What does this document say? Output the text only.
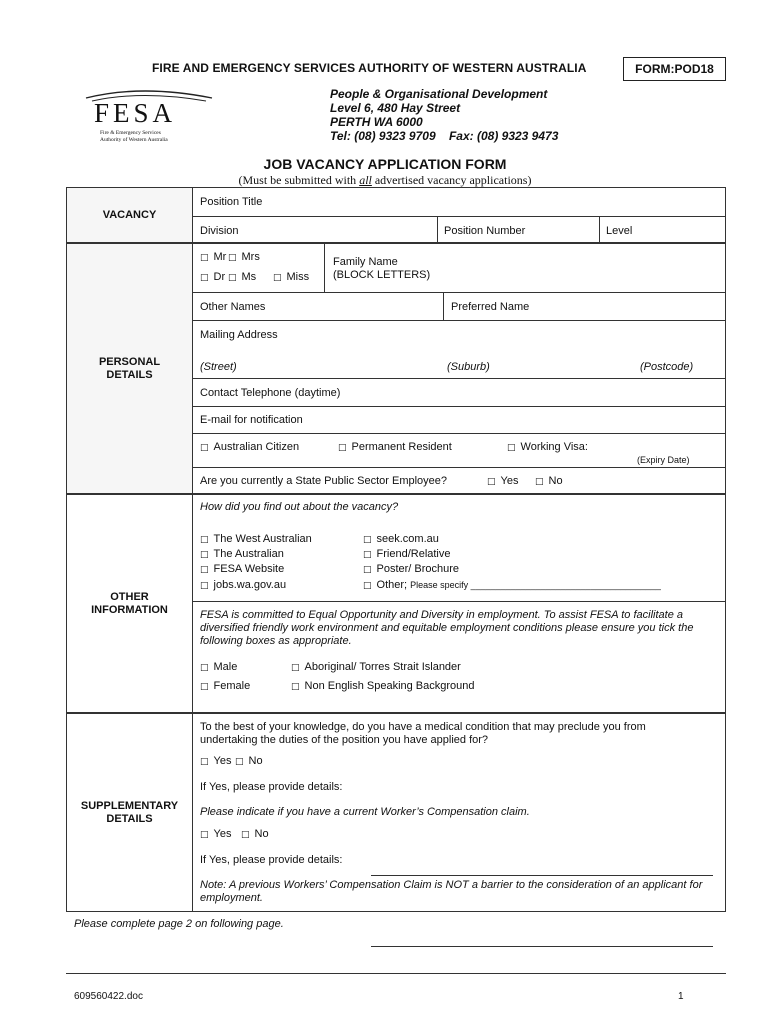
FIRE AND EMERGENCY SERVICES AUTHORITY OF WESTERN AUSTRALIA	FORM:POD18
FESA
Fire & Emergency Services
Authority of Western Australia
People & Organisational Development
Level 6, 480 Hay Street
PERTH WA 6000
Tel: (08) 9323 9709 Fax: (08) 9323 9473
JOB VACANCY APPLICATION FORM
(Must be submitted with all advertised vacancy applications)
VACANCY
Position Title
Division	Position Number	Level
PERSONAL DETAILS
□ Mr □ Mrs
□ Dr □ Ms □ Miss
Family Name
(BLOCK LETTERS)
Other Names	Preferred Name
Mailing Address
(Street)	(Suburb)	(Postcode)
Contact Telephone (daytime)
E-mail for notification
□ Australian Citizen	□ Permanent Resident	□ Working Visa:
(Expiry Date)
Are you currently a State Public Sector Employee?	□ Yes □ No
OTHER INFORMATION
How did you find out about the vacancy?
□ The West Australian
□ The Australian
□ FESA Website
□ jobs.wa.gov.au
□ seek.com.au
□ Friend/Relative
□ Poster/ Brochure
□ Other; Please specify ______________________________________
FESA is committed to Equal Opportunity and Diversity in employment. To assist FESA to facilitate a diversified friendly work environment and equitable employment conditions please ensure you tick the following boxes as appropriate.
□ Male
□ Female
□ Aboriginal/ Torres Strait Islander
□ Non English Speaking Background
SUPPLEMENTARY DETAILS
To the best of your knowledge, do you have a medical condition that may preclude you from undertaking the duties of the position you have applied for?
□ Yes □ No
If Yes, please provide details:
Please indicate if you have a current Worker’s Compensation claim.
□ Yes □ No
If Yes, please provide details:
Note: A previous Workers’ Compensation Claim is NOT a barrier to the consideration of an applicant for employment.
Please complete page 2 on following page.
609560422.doc	1
